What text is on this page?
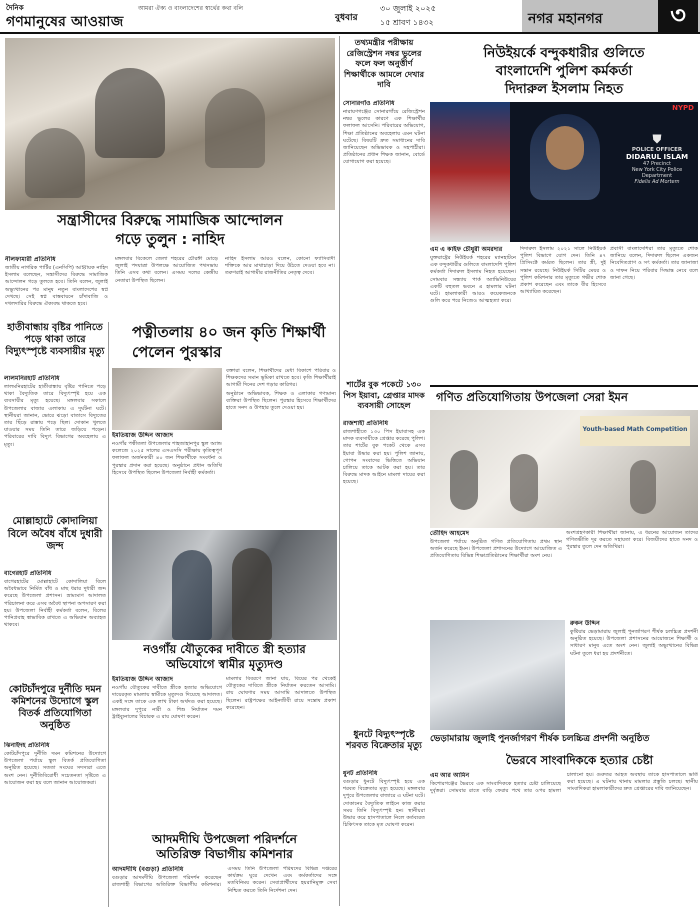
দৈনিক
গণমানুষের আওয়াজ
আমরা ঐক্য ও বাংলাদেশের স্বার্থের কথা বলি
বুধবার
৩০ জুলাই ২০২৫
১৫ শ্রাবণ ১৪৩২	নগর মহানগর	৩
সন্ত্রাসীদের বিরুদ্ধে সামাজিক আন্দোলন
গড়ে তুলুন : নাহিদ

নীলফামারী প্রতিনিধি

জাতীয় নাগরিক পার্টির (এনসিপি) আহ্বায়ক নাহিদ ইসলাম বলেছেন, সন্ত্রাসীদের বিরুদ্ধে সামাজিক আন্দোলন গড়ে তুলতে হবে। তিনি বলেন, জুলাই অভ্যুত্থানের পর মানুষ নতুন বাংলাদেশের স্বপ্ন দেখছে। সেই স্বপ্ন বাস্তবায়নে চাঁদাবাজি ও দখলদারির বিরুদ্ধে ঐক্যবদ্ধ থাকতে হবে।

মঙ্গলবার বিকেলে জেলা শহরের চৌরঙ্গী মোড়ে জুলাই পদযাত্রা উপলক্ষে আয়োজিত পথসভায় তিনি এসব কথা বলেন। এসময় দলের কেন্দ্রীয় নেতারা উপস্থিত ছিলেন।

নাহিদ ইসলাম আরও বলেন, কোনো ফ্যাসিবাদী শক্তিকে আর মাথাচাড়া দিয়ে উঠতে দেওয়া হবে না। তরুণরাই আগামীর রাজনীতির নেতৃত্ব দেবে।

হাতীবান্ধায় বৃষ্টির পানিতে পড়ে থাকা তারে বিদ্যুৎস্পৃষ্টে ব্যবসায়ীর মৃত্যু

লালমনিরহাট প্রতিনিধি

লালমনিরহাটের হাতীবান্ধায় বৃষ্টির পানিতে পড়ে থাকা বৈদ্যুতিক তারে বিদ্যুৎস্পৃষ্ট হয়ে এক ব্যবসায়ীর মৃত্যু হয়েছে। মঙ্গলবার সকালে উপজেলার বাজার এলাকায় এ দুর্ঘটনা ঘটে। স্থানীয়রা জানান, ভোরে ঝড়ো বাতাসে বিদ্যুতের তার ছিঁড়ে রাস্তায় পড়ে ছিল। দোকান খুলতে যাওয়ার সময় তিনি তারে জড়িয়ে পড়েন। পরিবারের দাবি বিদ্যুৎ বিভাগের অবহেলায় এ মৃত্যু।

মোল্লাহাটে কোদালিয়া বিলে অবৈধ বাঁধে দুধারী জন্দ

বাগেরহাট প্রতিনিধি

বাগেরহাটের মোল্লাহাটে কোদালিয়া বিলে অবৈধভাবে নির্মিত বাঁধ ও মাছ ধরার দুধারী জব্দ করেছে উপজেলা প্রশাসন। ভ্রাম্যমাণ আদালত পরিচালনা করে এসব অবৈধ স্থাপনা অপসারণ করা হয়। উপজেলা নির্বাহী কর্মকর্তা বলেন, বিলের পানিপ্রবাহ স্বাভাবিক রাখতে এ অভিযান অব্যাহত থাকবে।

কোটচাঁদপুরে দুর্নীতি দমন কমিশনের উদ্যোগে স্কুল বিতর্ক প্রতিযোগিতা অনুষ্ঠিত

ঝিনাইদহ প্রতিনিধি

কোটচাঁদপুরে দুর্নীতি দমন কমিশনের উদ্যোগে উপজেলা পর্যায়ে স্কুল বিতর্ক প্রতিযোগিতা অনুষ্ঠিত হয়েছে। সততা সংঘের সদস্যরা এতে অংশ নেন। দুর্নীতিবিরোধী সচেতনতা সৃষ্টিতে এ আয়োজন করা হয় বলে জানান আয়োজকরা।

পত্নীতলায় ৪০ জন কৃতি শিক্ষার্থী পেলেন পুরস্কার

বক্তারা বলেন, শিক্ষার্থীদের মেধা বিকাশে পরিবার ও শিক্ষকদের সমান ভূমিকা রাখতে হবে। কৃতি শিক্ষার্থীরাই আগামী দিনের দেশ গড়ার কারিগর।

অনুষ্ঠানে অভিভাবক, শিক্ষক ও এলাকার গণ্যমান্য ব্যক্তিরা উপস্থিত ছিলেন। পুরস্কার হিসেবে শিক্ষার্থীদের হাতে সনদ ও উপহার তুলে দেওয়া হয়।

ইমতিয়াজ উদ্দিন আজাদ

নওগাঁর পত্নীতলা উপজেলার শাহজাহানপুর স্কুল অ্যান্ড কলেজে ২০২৫ সালের এসএসসি পরীক্ষায় কৃতিত্বপূর্ণ ফলাফল অর্জনকারী ৪০ জন শিক্ষার্থীকে সংবর্ধনা ও পুরস্কার প্রদান করা হয়েছে। অনুষ্ঠানে প্রধান অতিথি হিসেবে উপস্থিত ছিলেন উপজেলা নির্বাহী কর্মকর্তা।

নওগাঁয় যৌতুকের দাবীতে স্ত্রী হত্যার
অভিযোগে স্বামীর মৃত্যুদণ্ড

ইমতিয়াজ উদ্দিন আজাদ

নওগাঁয় যৌতুকের দাবীতে স্ত্রীকে হত্যার অভিযোগে দায়েরকৃত মামলায় স্বামীকে মৃত্যুদণ্ড দিয়েছে আদালত। একই সঙ্গে তাকে এক লাখ টাকা অর্থদণ্ড করা হয়েছে। মঙ্গলবার দুপুরে নারী ও শিশু নির্যাতন দমন ট্রাইব্যুনালের বিচারক এ রায় ঘোষণা করেন।

মামলার বিবরণে জানা যায়, বিয়ের পর থেকেই যৌতুকের দাবিতে স্ত্রীকে নির্যাতন করতেন আসামি। রায় ঘোষণার সময় আসামি আদালতে উপস্থিত ছিলেন। রাষ্ট্রপক্ষের আইনজীবী রায়ে সন্তোষ প্রকাশ করেছেন।

আদমদীঘি উপজেলা পরিদর্শনে
অতিরিক্ত বিভাগীয় কমিশনার

আদমদীঘি (বগুড়া) প্রতিনিধি

বগুড়ার আদমদীঘি উপজেলা পরিদর্শন করেছেন রাজশাহী বিভাগের অতিরিক্ত বিভাগীয় কমিশনার। এসময় তিনি উপজেলা পরিষদের বিভিন্ন দপ্তরের কার্যক্রম ঘুরে দেখেন এবং কর্মকর্তাদের সঙ্গে মতবিনিময় করেন। সেবাপ্রার্থীদের হয়রানিমুক্ত সেবা নিশ্চিত করতে তিনি নির্দেশনা দেন।

তথ্যমন্ত্রীর পরীক্ষায় রেজিস্ট্রেশন নম্বর ভুলের ফলে ফল অনুত্তীর্ণ শিক্ষার্থীকে আমলে দেখার দাবি

সোনারগাঁও প্রতিনিধি

নারায়ণগঞ্জের সোনারগাঁয়ে রেজিস্ট্রেশন নম্বর ভুলের কারণে এক শিক্ষার্থীর ফলাফল আসেনি। পরিবারের অভিযোগ, শিক্ষা প্রতিষ্ঠানের অবহেলায় এমন ঘটনা ঘটেছে। বিষয়টি দ্রুত সমাধানের দাবি জানিয়েছেন অভিভাবক ও সহপাঠীরা। প্রতিষ্ঠানের প্রধান শিক্ষক জানান, বোর্ডে যোগাযোগ করা হয়েছে।

শার্টের বুক পকেটে ১৩০ পিস ইয়াবা, গ্রেপ্তার মাদক ব্যবসায়ী সোহেল

রাজশাহী প্রতিনিধি

রাজশাহীতে ১৩০ পিস ইয়াবাসহ এক মাদক ব্যবসায়ীকে গ্রেপ্তার করেছে পুলিশ। তার শার্টের বুক পকেট থেকে এসব ইয়াবা উদ্ধার করা হয়। পুলিশ জানায়, গোপন সংবাদের ভিত্তিতে অভিযান চালিয়ে তাকে আটক করা হয়। তার বিরুদ্ধে মাদক আইনে মামলা দায়ের করা হয়েছে।

ধুনটে বিদ্যুৎস্পৃষ্টে শরবত বিক্রেতার মৃত্যু

ধুনট প্রতিনিধি

বগুড়ার ধুনটে বিদ্যুৎস্পৃষ্ট হয়ে এক শরবত বিক্রেতার মৃত্যু হয়েছে। মঙ্গলবার দুপুরে উপজেলার বাজারে এ ঘটনা ঘটে। দোকানের বৈদ্যুতিক লাইনে কাজ করার সময় তিনি বিদ্যুৎস্পৃষ্ট হন। স্থানীয়রা উদ্ধার করে হাসপাতালে নিলে কর্তব্যরত চিকিৎসক তাকে মৃত ঘোষণা করেন।

নিউইয়র্কে বন্দুকধারীর গুলিতে
বাংলাদেশি পুলিশ কর্মকর্তা
দিদারুল ইসলাম নিহত
⛊
POLICE OFFICER
DIDARUL ISLAM
47 Precinct
New York City Police Department
Fidelis Ad Mortem
NYPD

এম এ কাইফ চৌধুরী অমরদার

যুক্তরাষ্ট্রের নিউইয়র্ক শহরের ম্যানহাটনে এক বন্দুকধারীর গুলিতে বাংলাদেশি পুলিশ কর্মকর্তা দিদারুল ইসলাম নিহত হয়েছেন। সোমবার সন্ধ্যায় পার্ক অ্যাভিনিউয়ের একটি বহুতল ভবনে এ হামলার ঘটনা ঘটে। হামলাকারী আরও কয়েকজনকে গুলি করে পরে নিজেও আত্মহত্যা করে।

দিদারুল ইসলাম ২০২১ সালে নিউইয়র্ক পুলিশ বিভাগে যোগ দেন। তিনি ৪৭ প্রিসিংক্টে কর্মরত ছিলেন। তার স্ত্রী, দুই সন্তান রয়েছে। নিউইয়র্ক সিটির মেয়র ও পুলিশ কমিশনার তার মৃত্যুতে গভীর শোক প্রকাশ করেছেন এবং তাকে বীর হিসেবে আখ্যায়িত করেছেন।

প্রবাসী বাংলাদেশিরা তার মৃত্যুতে শোক জানিয়ে বলেন, দিদারুল ছিলেন একজন নিবেদিতপ্রাণ ও সৎ কর্মকর্তা। তার জানাজা ও দাফন নিয়ে পরিবার সিদ্ধান্ত নেবে বলে জানা গেছে।

গণিত প্রতিযোগিতায় উপজেলা সেরা ইমন
Youth-based Math Competition

তৌহিদ আহমেদ

উপজেলা পর্যায়ে অনুষ্ঠিত গণিত প্রতিযোগিতায় প্রথম স্থান অর্জন করেছে ইমন। উপজেলা প্রশাসনের উদ্যোগে আয়োজিত এ প্রতিযোগিতায় বিভিন্ন শিক্ষাপ্রতিষ্ঠানের শিক্ষার্থীরা অংশ নেয়।

অংশগ্রহণকারী শিক্ষার্থীরা জানায়, এ ধরনের আয়োজন তাদের গণিতভীতি দূর করতে সহায়তা করে। বিজয়ীদের হাতে সনদ ও পুরস্কার তুলে দেন অতিথিরা।

রুকন উদ্দিন

কুষ্টিয়ার ভেড়ামারায় জুলাই পুনর্জাগরণ শীর্ষক চলচ্চিত্র প্রদর্শনী অনুষ্ঠিত হয়েছে। উপজেলা প্রশাসনের আয়োজনে শিক্ষার্থী ও সাধারণ মানুষ এতে অংশ নেন। জুলাই অভ্যুত্থানের বিভিন্ন ঘটনা তুলে ধরা হয় প্রদর্শনীতে।

ভেড়ামারায় জুলাই পুনর্জাগরণ শীর্ষক চলচ্চিত্র প্রদর্শনী অনুষ্ঠিত
ভৈরবে সাংবাদিককে হত্যার চেষ্টা

এম আর আমিন

কিশোরগঞ্জের ভৈরবে এক সাংবাদিককে হত্যার চেষ্টা চালিয়েছে দুর্বৃত্তরা। সোমবার রাতে বাড়ি ফেরার পথে তার ওপর হামলা চালানো হয়। গুরুতর আহত অবস্থায় তাকে হাসপাতালে ভর্তি করা হয়েছে। এ ঘটনায় থানায় মামলার প্রস্তুতি চলছে। স্থানীয় সাংবাদিকরা হামলাকারীদের দ্রুত গ্রেপ্তারের দাবি জানিয়েছেন।
